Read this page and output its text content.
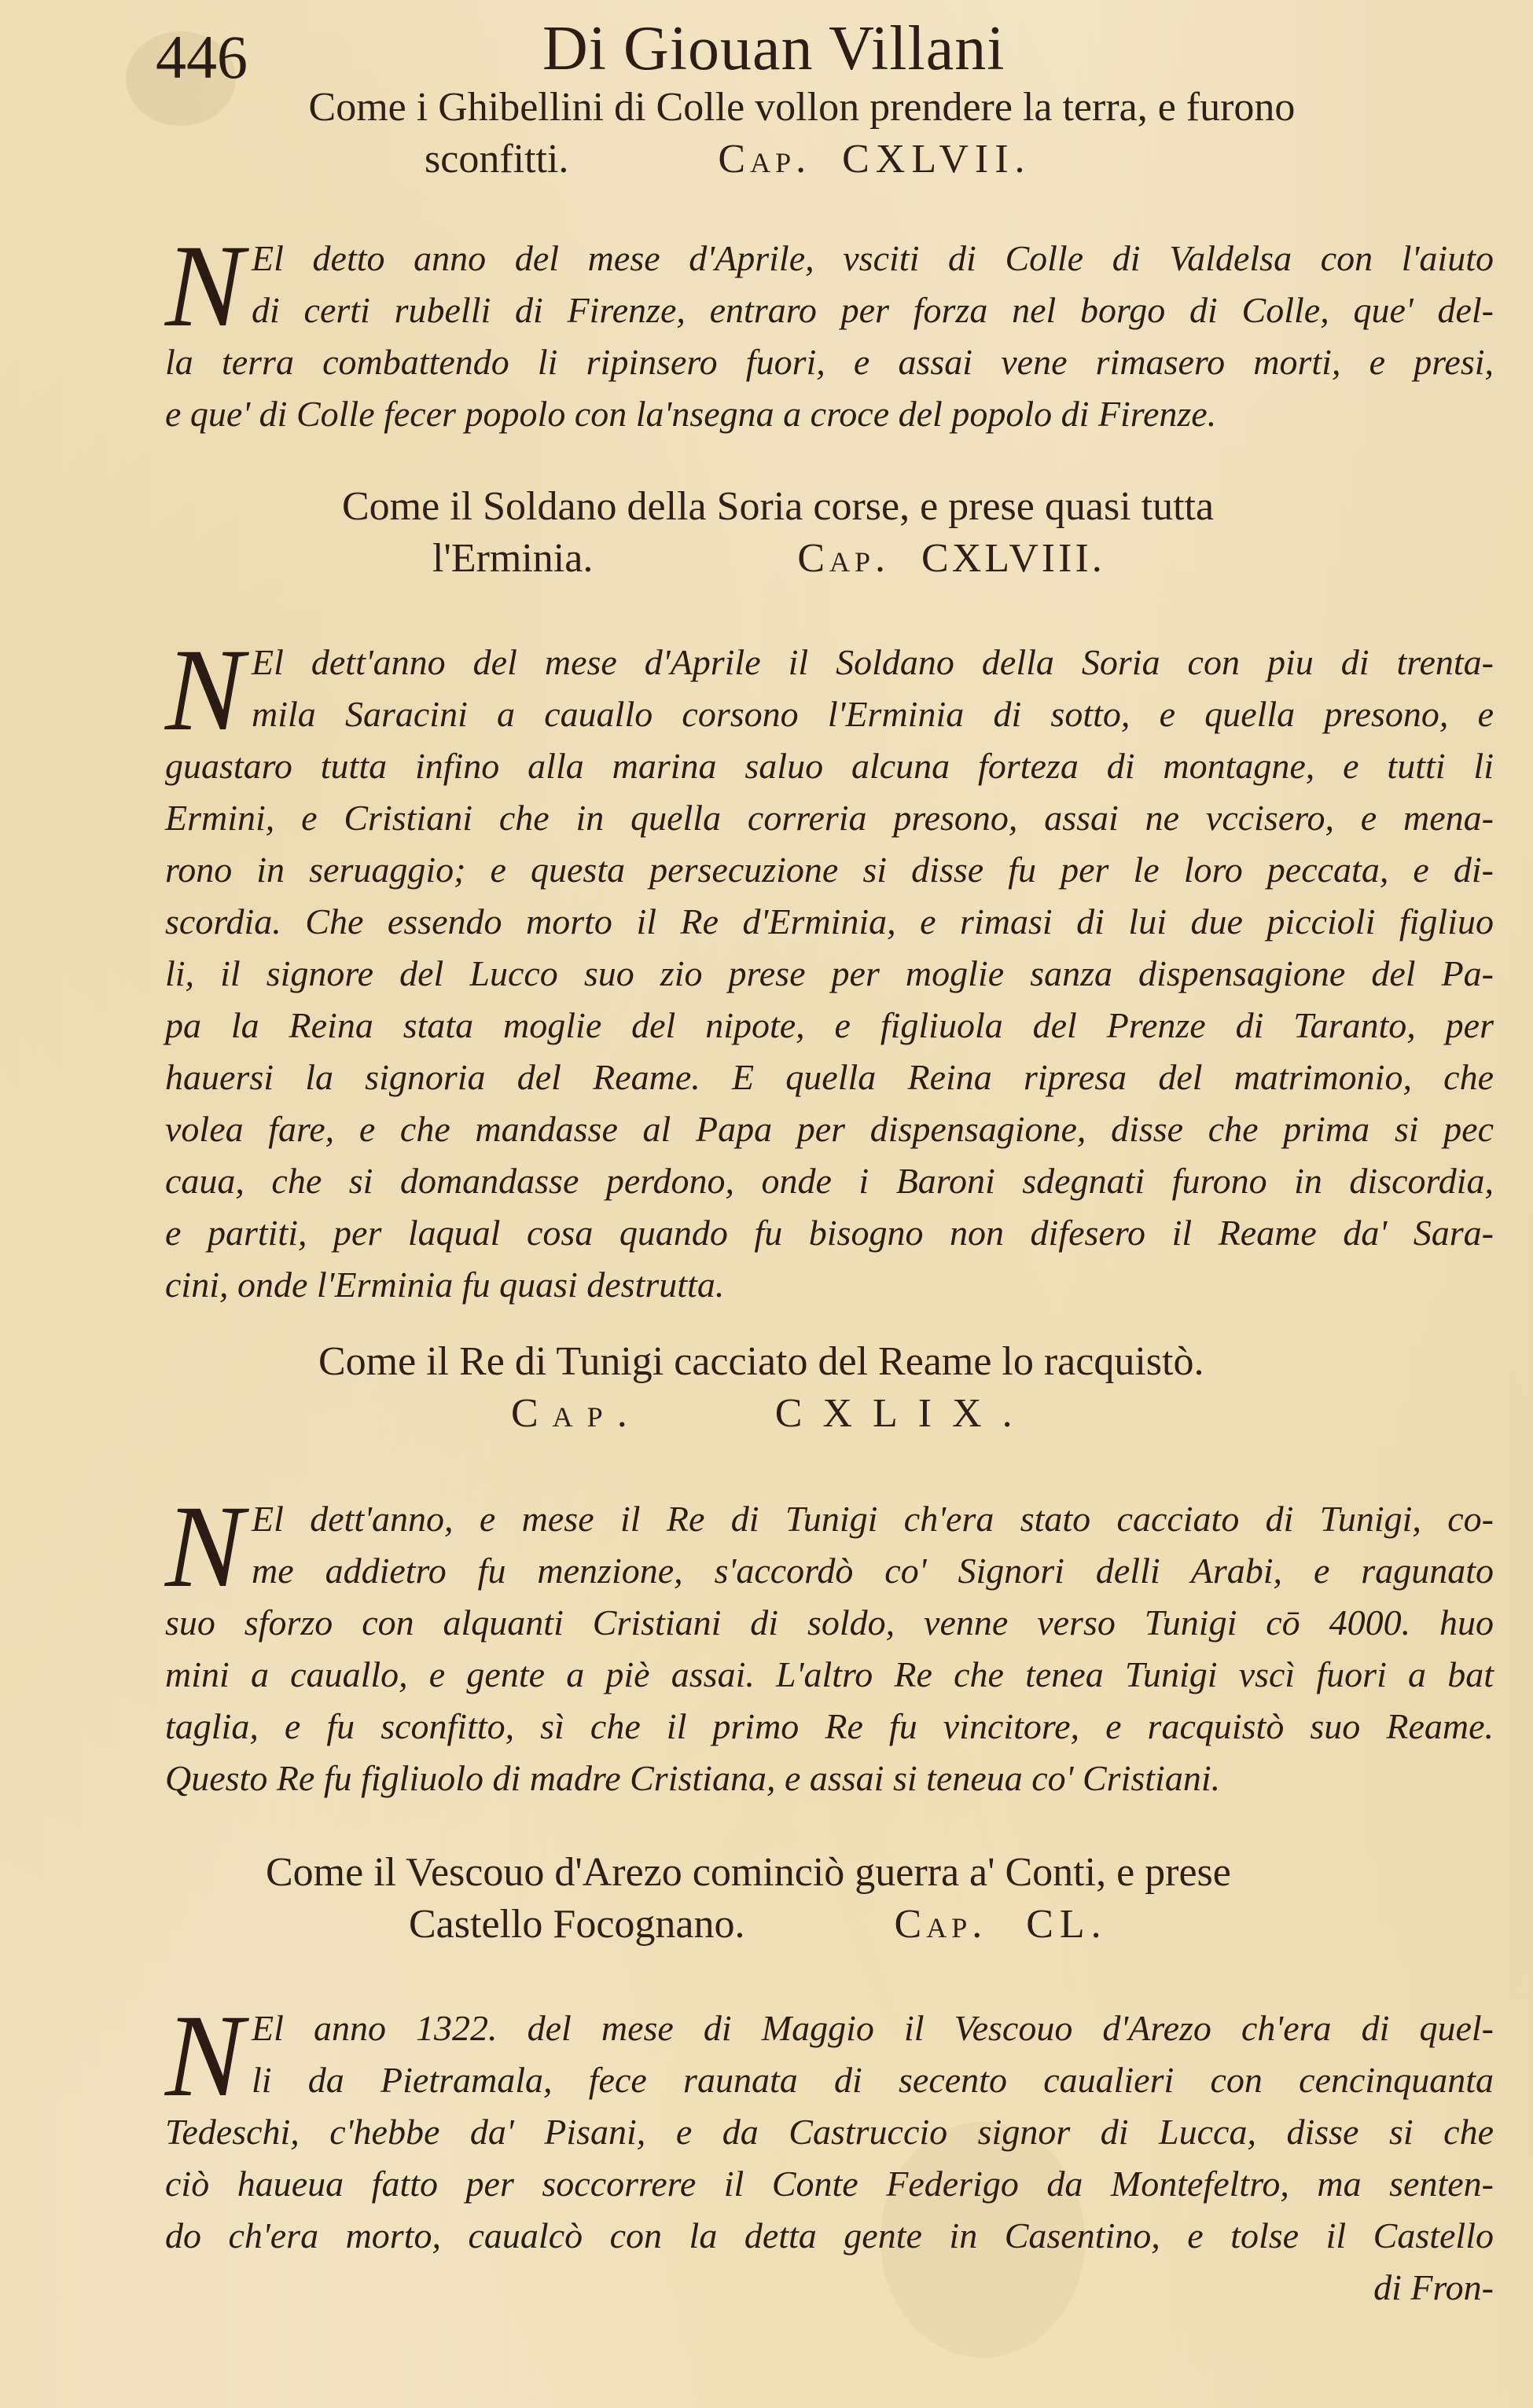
446	Di Giouan Villani
Come i Ghibellini di Colle vollon prendere la terra, e furono
sconfitti.	Cap. CXLVII.
N El detto anno del mese d'Aprile, vsciti di Colle di Valdelsa con l'aiuto
di certi rubelli di Firenze, entraro per forza nel borgo di Colle, que' del-
la terra combattendo li ripinsero fuori, e assai vene rimasero morti, e presi,
e que' di Colle fecer popolo con la'nsegna a croce del popolo di Firenze.
Come il Soldano della Soria corse, e prese quasi tutta
l'Erminia.	Cap. CXLVIII.
N El dett'anno del mese d'Aprile il Soldano della Soria con piu di trenta-
mila Saracini a cauallo corsono l'Erminia di sotto, e quella presono, e
guastaro tutta infino alla marina saluo alcuna forteza di montagne, e tutti li
Ermini, e Cristiani che in quella correria presono, assai ne vccisero, e mena-
rono in seruaggio; e questa persecuzione si disse fu per le loro peccata, e di-
scordia. Che essendo morto il Re d'Erminia, e rimasi di lui due piccioli figliuo
li, il signore del Lucco suo zio prese per moglie sanza dispensagione del Pa-
pa la Reina stata moglie del nipote, e figliuola del Prenze di Taranto, per
hauersi la signoria del Reame. E quella Reina ripresa del matrimonio, che
volea fare, e che mandasse al Papa per dispensagione, disse che prima si pec
caua, che si domandasse perdono, onde i Baroni sdegnati furono in discordia,
e partiti, per laqual cosa quando fu bisogno non difesero il Reame da' Sara-
cini, onde l'Erminia fu quasi destrutta.
Come il Re di Tunigi cacciato del Reame lo racquistò.
Cap.	CXLIX.
N El dett'anno, e mese il Re di Tunigi ch'era stato cacciato di Tunigi, co-
me addietro fu menzione, s'accordò co' Signori delli Arabi, e ragunato
suo sforzo con alquanti Cristiani di soldo, venne verso Tunigi cō 4000. huo
mini a cauallo, e gente a piè assai. L'altro Re che tenea Tunigi vscì fuori a bat
taglia, e fu sconfitto, sì che il primo Re fu vincitore, e racquistò suo Reame.
Questo Re fu figliuolo di madre Cristiana, e assai si teneua co' Cristiani.
Come il Vescouo d'Arezo cominciò guerra a' Conti, e prese
Castello Focognano.	Cap. CL.
N El anno 1322. del mese di Maggio il Vescouo d'Arezo ch'era di quel-
li da Pietramala, fece raunata di secento caualieri con cencinquanta
Tedeschi, c'hebbe da' Pisani, e da Castruccio signor di Lucca, disse si che
ciò haueua fatto per soccorrere il Conte Federigo da Montefeltro, ma senten-
do ch'era morto, caualcò con la detta gente in Casentino, e tolse il Castello
di Fron-
